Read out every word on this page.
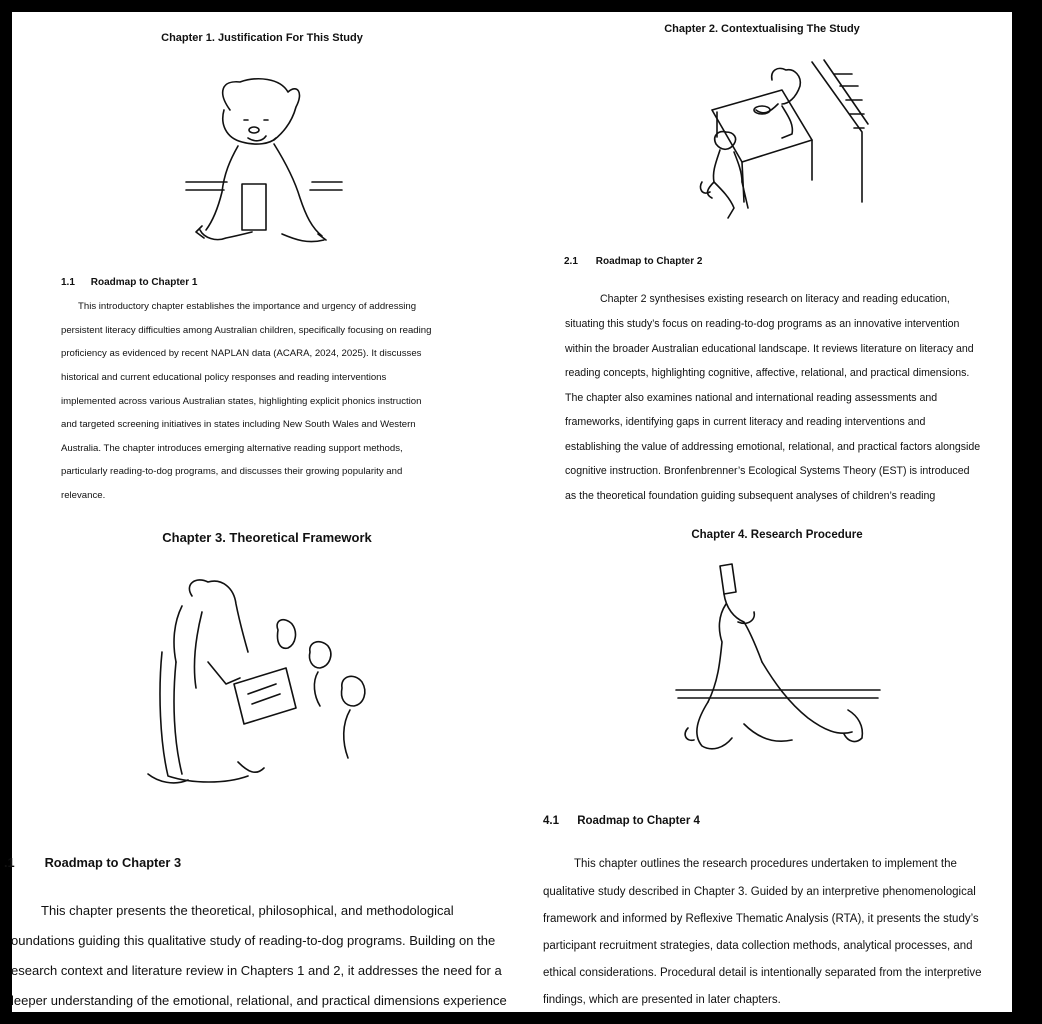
Chapter 1. Justification For This Study
1.1 Roadmap to Chapter 1
This introductory chapter establishes the importance and urgency of addressing
persistent literacy difficulties among Australian children, specifically focusing on reading
proficiency as evidenced by recent NAPLAN data (ACARA, 2024, 2025). It discusses
historical and current educational policy responses and reading interventions
implemented across various Australian states, highlighting explicit phonics instruction
and targeted screening initiatives in states including New South Wales and Western
Australia. The chapter introduces emerging alternative reading support methods,
particularly reading-to-dog programs, and discusses their growing popularity and
relevance.
Chapter 2. Contextualising The Study
2.1 Roadmap to Chapter 2
Chapter 2 synthesises existing research on literacy and reading education,
situating this study’s focus on reading-to-dog programs as an innovative intervention
within the broader Australian educational landscape. It reviews literature on literacy and
reading concepts, highlighting cognitive, affective, relational, and practical dimensions.
The chapter also examines national and international reading assessments and
frameworks, identifying gaps in current literacy and reading interventions and
establishing the value of addressing emotional, relational, and practical factors alongside
cognitive instruction. Bronfenbrenner’s Ecological Systems Theory (EST) is introduced
as the theoretical foundation guiding subsequent analyses of children’s reading
Chapter 3. Theoretical Framework
.1 Roadmap to Chapter 3
This chapter presents the theoretical, philosophical, and methodological
oundations guiding this qualitative study of reading-to-dog programs. Building on the
esearch context and literature review in Chapters 1 and 2, it addresses the need for a
leeper understanding of the emotional, relational, and practical dimensions experience
Chapter 4. Research Procedure
4.1 Roadmap to Chapter 4
This chapter outlines the research procedures undertaken to implement the
qualitative study described in Chapter 3. Guided by an interpretive phenomenological
framework and informed by Reflexive Thematic Analysis (RTA), it presents the study’s
participant recruitment strategies, data collection methods, analytical processes, and
ethical considerations. Procedural detail is intentionally separated from the interpretive
findings, which are presented in later chapters.
